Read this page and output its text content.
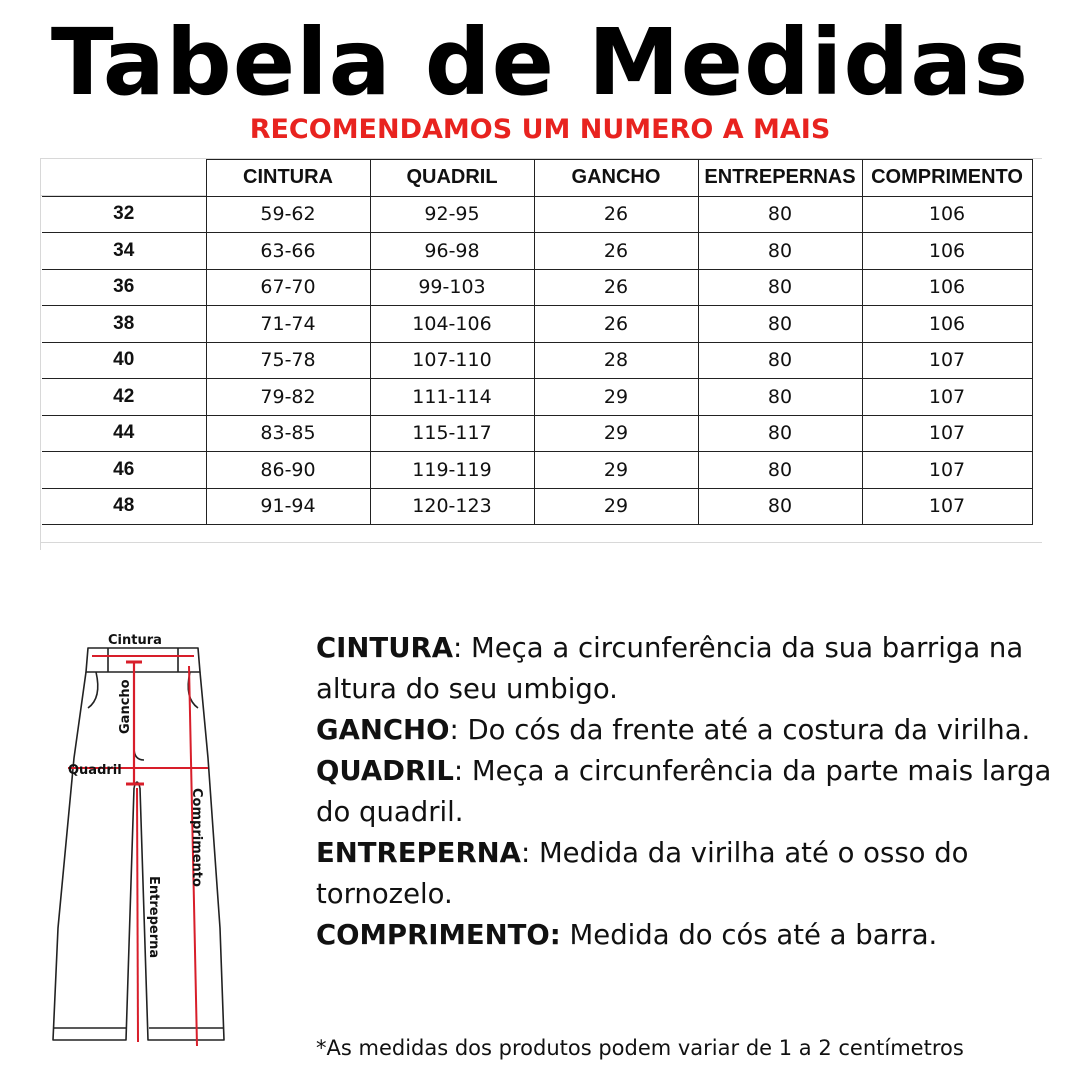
Tabela de Medidas
RECOMENDAMOS UM NUMERO A MAIS
	CINTURA	QUADRIL	GANCHO	ENTREPERNAS	COMPRIMENTO
32	59-62	92-95	26	80	106
34	63-66	96-98	26	80	106
36	67-70	99-103	26	80	106
38	71-74	104-106	26	80	106
40	75-78	107-110	28	80	107
42	79-82	111-114	29	80	107
44	83-85	115-117	29	80	107
46	86-90	119-119	29	80	107
48	91-94	120-123	29	80	107
Cintura
Quadril
Gancho
Comprimento
Entreperna

CINTURA: Meça a circunferência da sua barriga na altura do seu umbigo.

GANCHO: Do cós da frente até a costura da virilha.

QUADRIL: Meça a circunferência da parte mais larga do quadril.

ENTREPERNA: Medida da virilha até o osso do tornozelo.

COMPRIMENTO: Medida do cós até a barra.

*As medidas dos produtos podem variar de 1 a 2 centímetros
